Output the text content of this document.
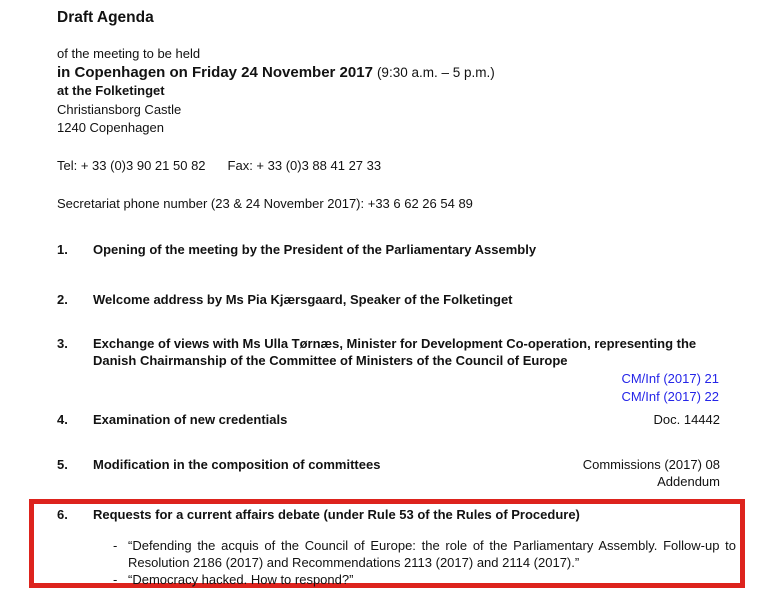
Draft Agenda
of the meeting to be held
in Copenhagen on Friday 24 November 2017 (9:30 a.m. – 5 p.m.)
at the Folketinget
Christiansborg Castle
1240 Copenhagen
Tel: + 33 (0)3 90 21 50 82 Fax: + 33 (0)3 88 41 27 33
Secretariat phone number (23 & 24 November 2017): +33 6 62 26 54 89
1.	Opening of the meeting by the President of the Parliamentary Assembly
2.	Welcome address by Ms Pia Kjærsgaard, Speaker of the Folketinget
3.	Exchange of views with Ms Ulla Tørnæs, Minister for Development Co-operation, representing the Danish Chairmanship of the Committee of Ministers of the Council of Europe
CM/Inf (2017) 21
CM/Inf (2017) 22
4.	Examination of new credentials	Doc. 14442
5.	Modification in the composition of committees	Commissions (2017) 08
Addendum
6.	Requests for a current affairs debate (under Rule 53 of the Rules of Procedure)
- “Defending the acquis of the Council of Europe: the role of the Parliamentary Assembly. Follow-up to Resolution 2186 (2017) and Recommendations 2113 (2017) and 2114 (2017).”
- “Democracy hacked. How to respond?”
